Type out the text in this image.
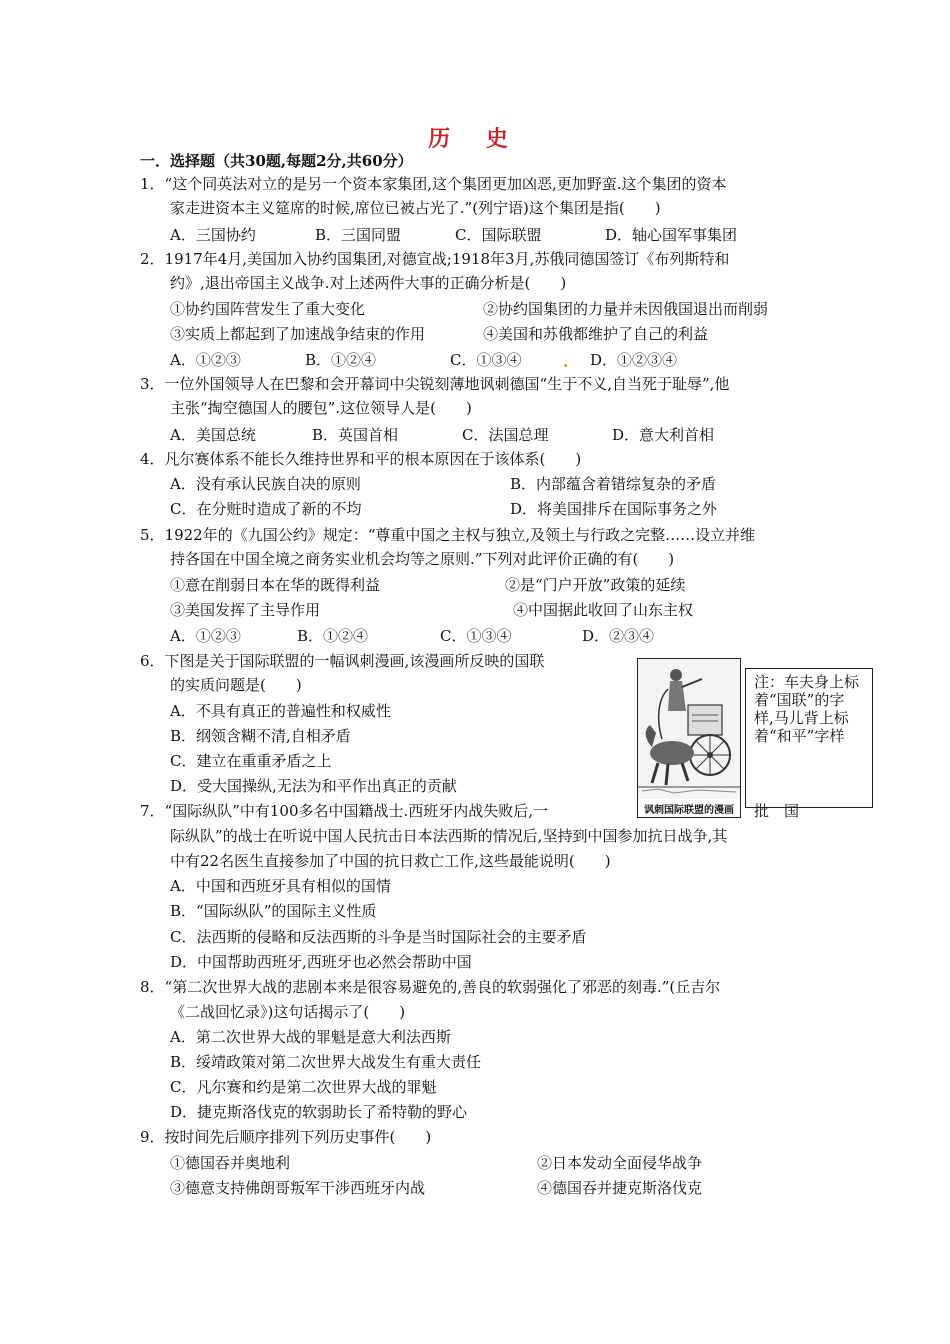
历 史
一．选择题（共30题,每题2分,共60分）
1．“这个同英法对立的是另一个资本家集团,这个集团更加凶恶,更加野蛮.这个集团的资本
家走进资本主义筵席的时候,席位已被占光了.”(列宁语)这个集团是指(　　)
A．三国协约	B．三国同盟	C．国际联盟	D．轴心国军事集团
2．1917年4月,美国加入协约国集团,对德宣战;1918年3月,苏俄同德国签订《布列斯特和
约》,退出帝国主义战争.对上述两件大事的正确分析是(　　)
①协约国阵营发生了重大变化	②协约国集团的力量并未因俄国退出而削弱
③实质上都起到了加速战争结束的作用	④美国和苏俄都维护了自己的利益
A．①②③	B．①②④	C．①③④	. D．①②③④
3．一位外国领导人在巴黎和会开幕词中尖锐刻薄地讽刺德国“生于不义,自当死于耻辱”,他
主张“掏空德国人的腰包”.这位领导人是(　　)
A．美国总统	B．英国首相	C．法国总理	D．意大利首相
4．凡尔赛体系不能长久维持世界和平的根本原因在于该体系(　　)
A．没有承认民族自决的原则	B．内部蕴含着错综复杂的矛盾
C．在分赃时造成了新的不均	D．将美国排斥在国际事务之外
5．1922年的《九国公约》规定：“尊重中国之主权与独立,及领土与行政之完整……设立并维
持各国在中国全境之商务实业机会均等之原则.”下列对此评价正确的有(　　)
①意在削弱日本在华的既得利益	②是“门户开放”政策的延续
③美国发挥了主导作用	④中国据此收回了山东主权
A．①②③	B．①②④	C．①③④	D．②③④
6．下图是关于国际联盟的一幅讽刺漫画,该漫画所反映的国联
的实质问题是(　　)
A．不具有真正的普遍性和权威性
B．纲领含糊不清,自相矛盾
C．建立在重重矛盾之上
D．受大国操纵,无法为和平作出真正的贡献
讽刺国际联盟的漫画
注：车夫身上标着“国联”的字样,马儿背上标着“和平”字样
7．“国际纵队”中有100多名中国籍战士.西班牙内战失败后,一	批　国
际纵队”的战士在听说中国人民抗击日本法西斯的情况后,坚持到中国参加抗日战争,其
中有22名医生直接参加了中国的抗日救亡工作,这些最能说明(　　)
A．中国和西班牙具有相似的国情
B．“国际纵队”的国际主义性质
C．法西斯的侵略和反法西斯的斗争是当时国际社会的主要矛盾
D．中国帮助西班牙,西班牙也必然会帮助中国
8．“第二次世界大战的悲剧本来是很容易避免的,善良的软弱强化了邪恶的刻毒.”(丘吉尔
《二战回忆录》)这句话揭示了(　　)
A．第二次世界大战的罪魁是意大利法西斯
B．绥靖政策对第二次世界大战发生有重大责任
C．凡尔赛和约是第二次世界大战的罪魁
D．捷克斯洛伐克的软弱助长了希特勒的野心
9．按时间先后顺序排列下列历史事件(　　)
①德国吞并奥地利	②日本发动全面侵华战争
③德意支持佛朗哥叛军干涉西班牙内战	④德国吞并捷克斯洛伐克
